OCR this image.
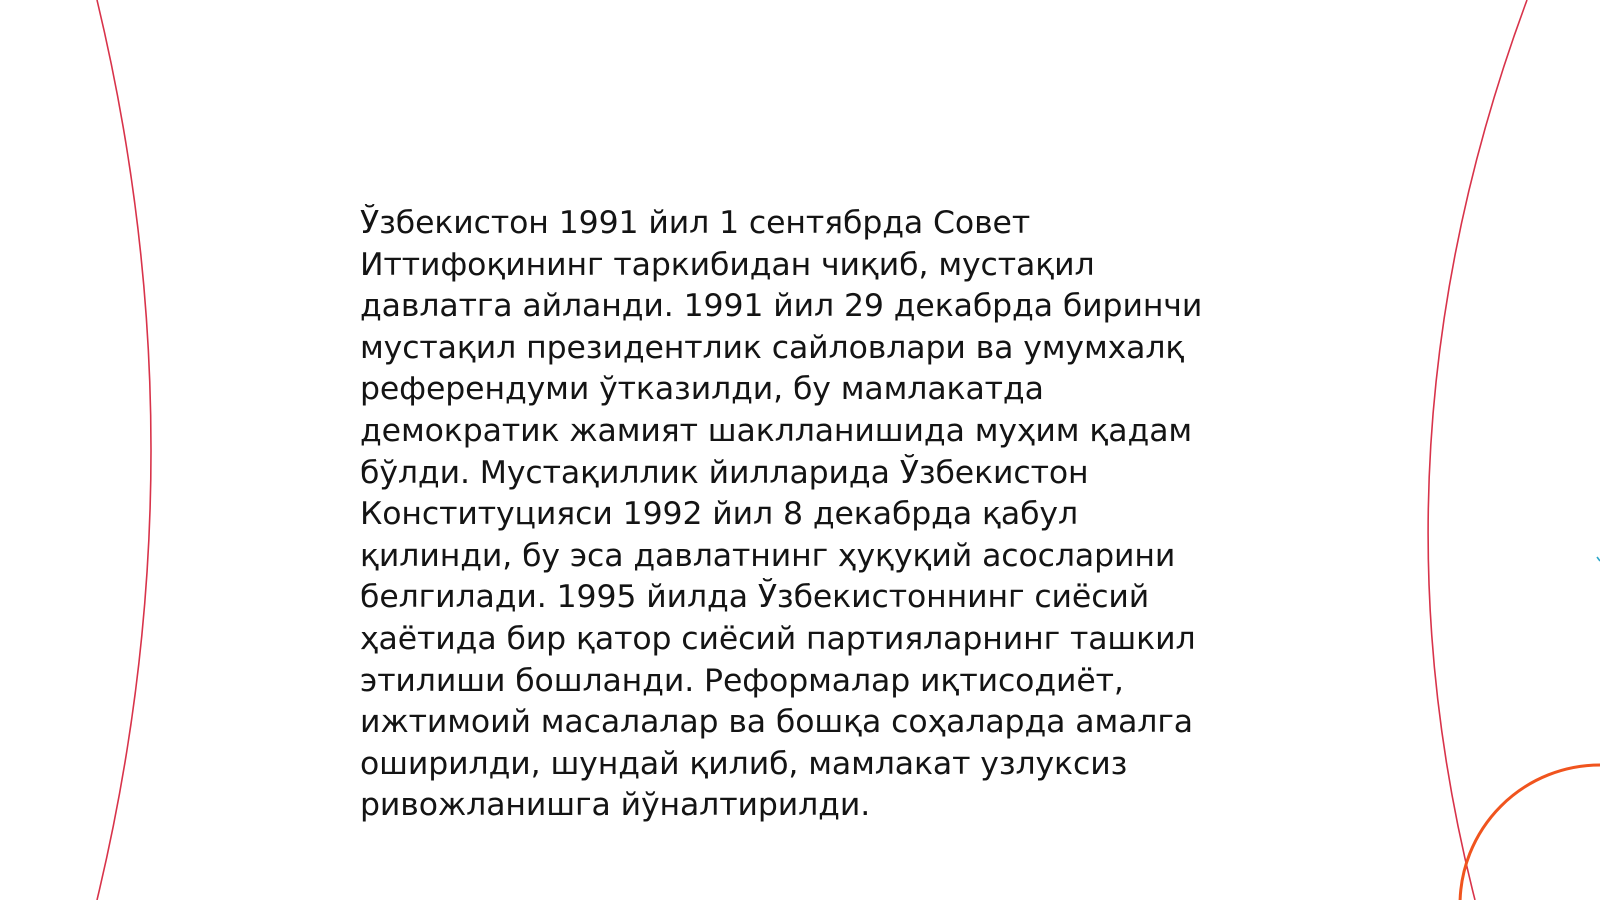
Ўзбекистон 1991 йил 1 сентябрда Совет
Иттифоқининг таркибидан чиқиб, мустақил
давлатга айланди. 1991 йил 29 декабрда биринчи
мустақил президентлик сайловлари ва умумхалқ
референдуми ўтказилди, бу мамлакатда
демократик жамият шаклланишида муҳим қадам
бўлди. Мустақиллик йилларида Ўзбекистон
Конституцияси 1992 йил 8 декабрда қабул
қилинди, бу эса давлатнинг ҳуқуқий асосларини
белгилади. 1995 йилда Ўзбекистоннинг сиёсий
ҳаётида бир қатор сиёсий партияларнинг ташкил
этилиши бошланди. Реформалар иқтисодиёт,
ижтимоий масалалар ва бошқа соҳаларда амалга
оширилди, шундай қилиб, мамлакат узлуксиз
ривожланишга йўналтирилди.
